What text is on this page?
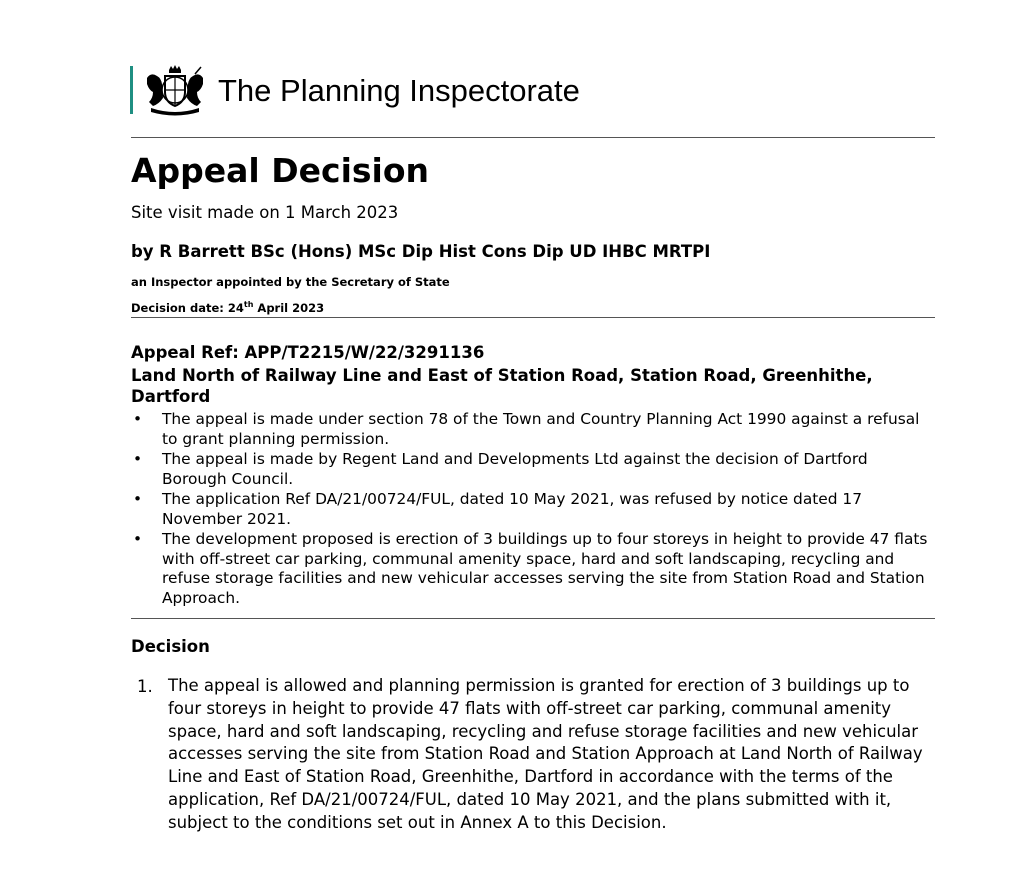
The Planning Inspectorate
Appeal Decision
Site visit made on 1 March 2023
by R Barrett BSc (Hons) MSc Dip Hist Cons Dip UD IHBC MRTPI
an Inspector appointed by the Secretary of State
Decision date: 24th April 2023
Appeal Ref: APP/T2215/W/22/3291136
Land North of Railway Line and East of Station Road, Station Road, Greenhithe, Dartford
• The appeal is made under section 78 of the Town and Country Planning Act 1990 against a refusal to grant planning permission.
• The appeal is made by Regent Land and Developments Ltd against the decision of Dartford Borough Council.
• The application Ref DA/21/00724/FUL, dated 10 May 2021, was refused by notice dated 17 November 2021.
• The development proposed is erection of 3 buildings up to four storeys in height to provide 47 flats with off-street car parking, communal amenity space, hard and soft landscaping, recycling and refuse storage facilities and new vehicular accesses serving the site from Station Road and Station Approach.
Decision
1. The appeal is allowed and planning permission is granted for erection of 3 buildings up to four storeys in height to provide 47 flats with off-street car parking, communal amenity space, hard and soft landscaping, recycling and refuse storage facilities and new vehicular accesses serving the site from Station Road and Station Approach at Land North of Railway Line and East of Station Road, Greenhithe, Dartford in accordance with the terms of the application, Ref DA/21/00724/FUL, dated 10 May 2021, and the plans submitted with it, subject to the conditions set out in Annex A to this Decision.
